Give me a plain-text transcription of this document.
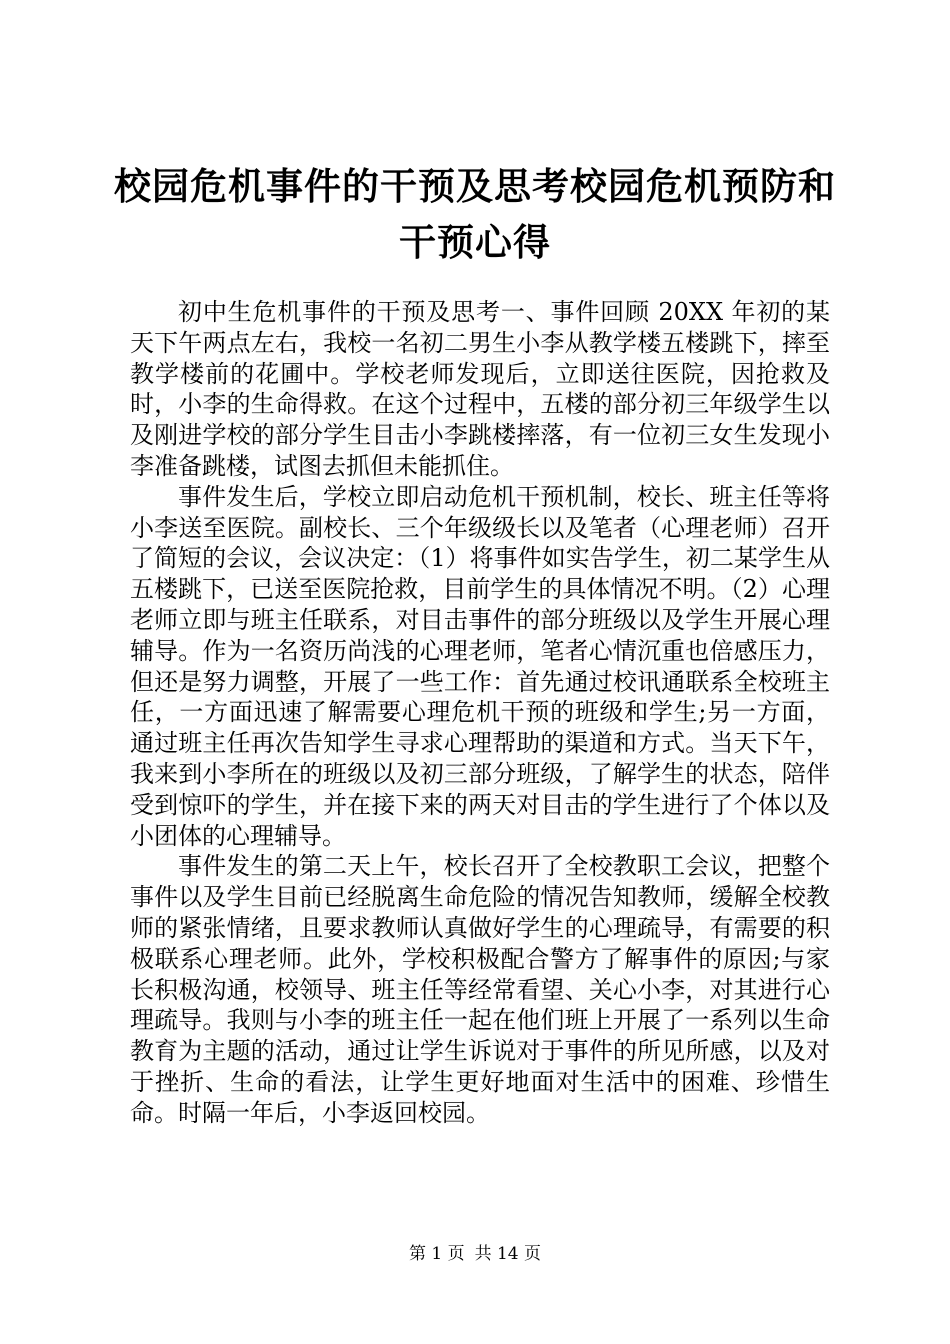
校园危机事件的干预及思考校园危机预防和干预心得

初中生危机事件的干预及思考一、事件回顾 20XX 年初的某天下午两点左右，我校一名初二男生小李从教学楼五楼跳下，摔至教学楼前的花圃中。学校老师发现后，立即送往医院，因抢救及时，小李的生命得救。在这个过程中，五楼的部分初三年级学生以及刚进学校的部分学生目击小李跳楼摔落，有一位初三女生发现小李准备跳楼，试图去抓但未能抓住。

事件发生后，学校立即启动危机干预机制，校长、班主任等将小李送至医院。副校长、三个年级级长以及笔者（心理老师）召开了简短的会议，会议决定：（1）将事件如实告学生，初二某学生从五楼跳下，已送至医院抢救，目前学生的具体情况不明。（2）心理老师立即与班主任联系，对目击事件的部分班级以及学生开展心理辅导。作为一名资历尚浅的心理老师，笔者心情沉重也倍感压力，但还是努力调整，开展了一些工作：首先通过校讯通联系全校班主任，一方面迅速了解需要心理危机干预的班级和学生;另一方面，通过班主任再次告知学生寻求心理帮助的渠道和方式。当天下午，我来到小李所在的班级以及初三部分班级，了解学生的状态，陪伴受到惊吓的学生，并在接下来的两天对目击的学生进行了个体以及小团体的心理辅导。

事件发生的第二天上午，校长召开了全校教职工会议，把整个事件以及学生目前已经脱离生命危险的情况告知教师，缓解全校教师的紧张情绪，且要求教师认真做好学生的心理疏导，有需要的积极联系心理老师。此外，学校积极配合警方了解事件的原因;与家长积极沟通，校领导、班主任等经常看望、关心小李，对其进行心理疏导。我则与小李的班主任一起在他们班上开展了一系列以生命教育为主题的活动，通过让学生诉说对于事件的所见所感，以及对于挫折、生命的看法，让学生更好地面对生活中的困难、珍惜生命。时隔一年后，小李返回校园。

第 1 页 共 14 页
